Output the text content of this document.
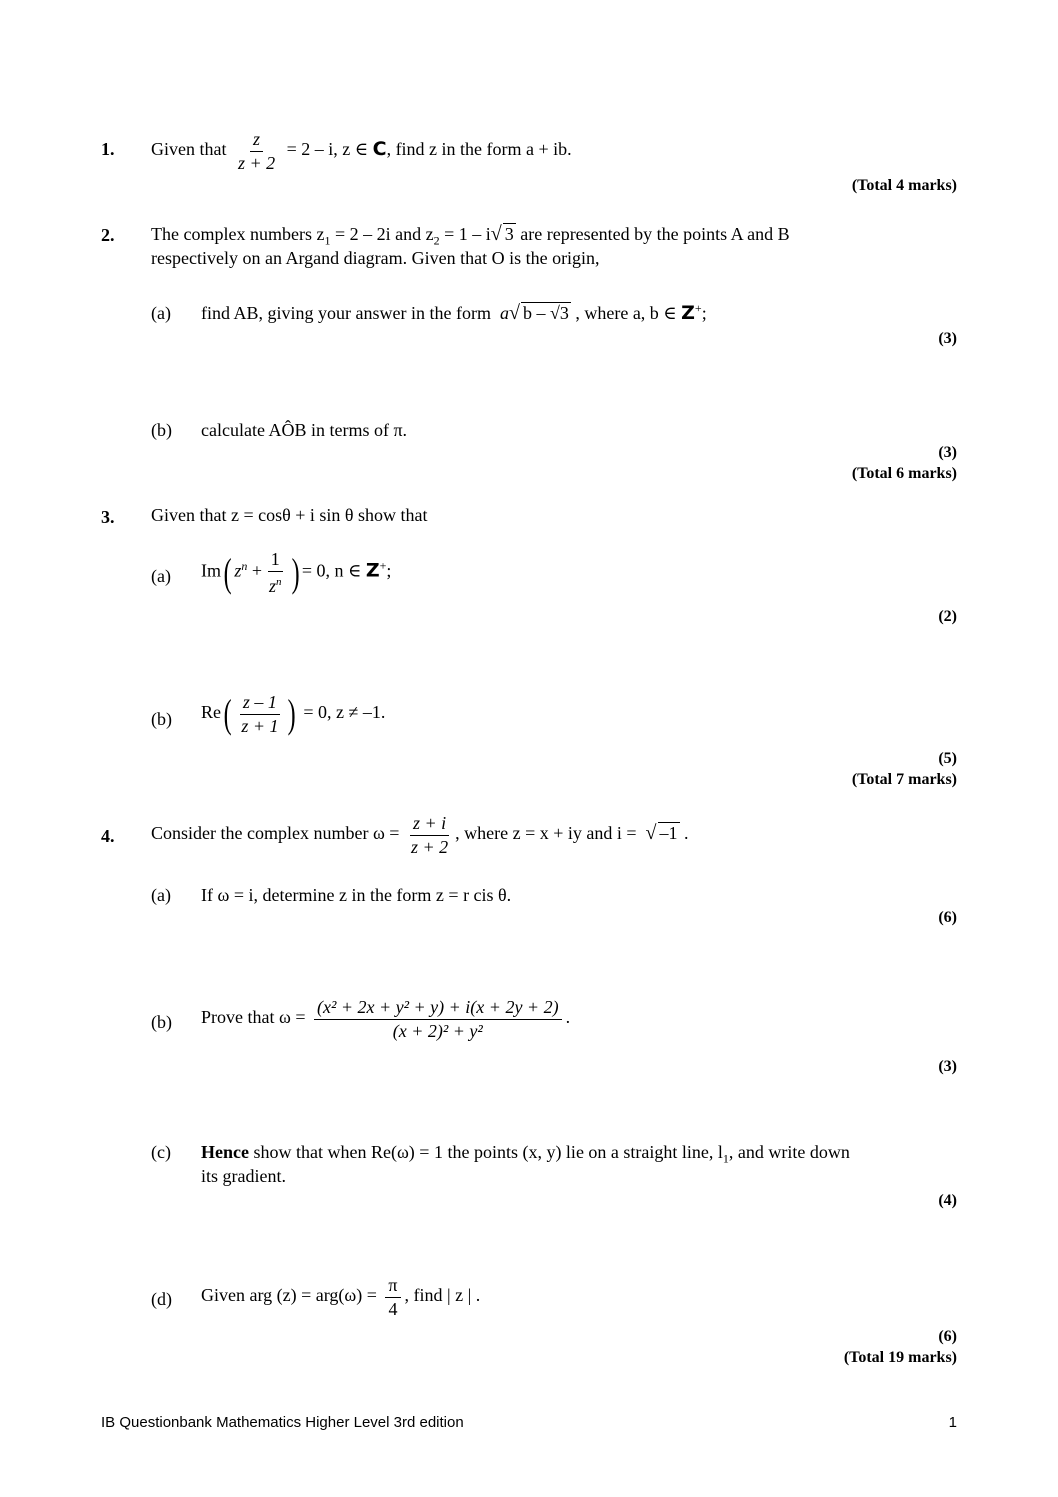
1. Given that $\frac{z}{z + 2} = 2 - i$, z ∈ C, find z in the form a + ib.
(Total 4 marks)
2. The complex numbers $z_1 = 2 - 2i$ and $z_2 = 1 - i√$ 3 are represented by the points A and B
respectively on an Argand diagram. Given that O is the origin,
(a) find AB, giving your answer in the form a√ b – √3 , where a, b ∈ Z+;
(3)
(b) calculate AÔB in terms of π.
(3)
(Total 6 marks)
3. Given that z = cosθ + i sin θ show that
(a) Im( $z^n + \frac{1}{z^n}$ ) = 0, n ∈ Z+;
(2)
(b) $Re( \frac{z - 1}{z + 1}$ ) = 0, z ≠ –1.
(5)
(Total 7 marks)
4. Consider the complex number $\omega = \frac{z + i}{z + 2}$ , where z = x + iy and i = √ –1 .
(a) If ω = i, determine z in the form z = r cis θ.
(6)
(b) Prove that $\omega = \frac{\text{(x² + 2x + y² + y) + i(x + 2y + 2)}}{\text{(x + 2)² + y²}}$ .
(3)
(c) Hence show that when Re(ω) = 1 the points (x, y) lie on a straight line, $l_1$, and write down
its gradient.
(4)
(d) Given arg $(z) = arg(\omega) = \frac{\pi}{4}$ , find | z | .
(6)
(Total 19 marks)
IB Questionbank Mathematics Higher Level 3rd edition	1
